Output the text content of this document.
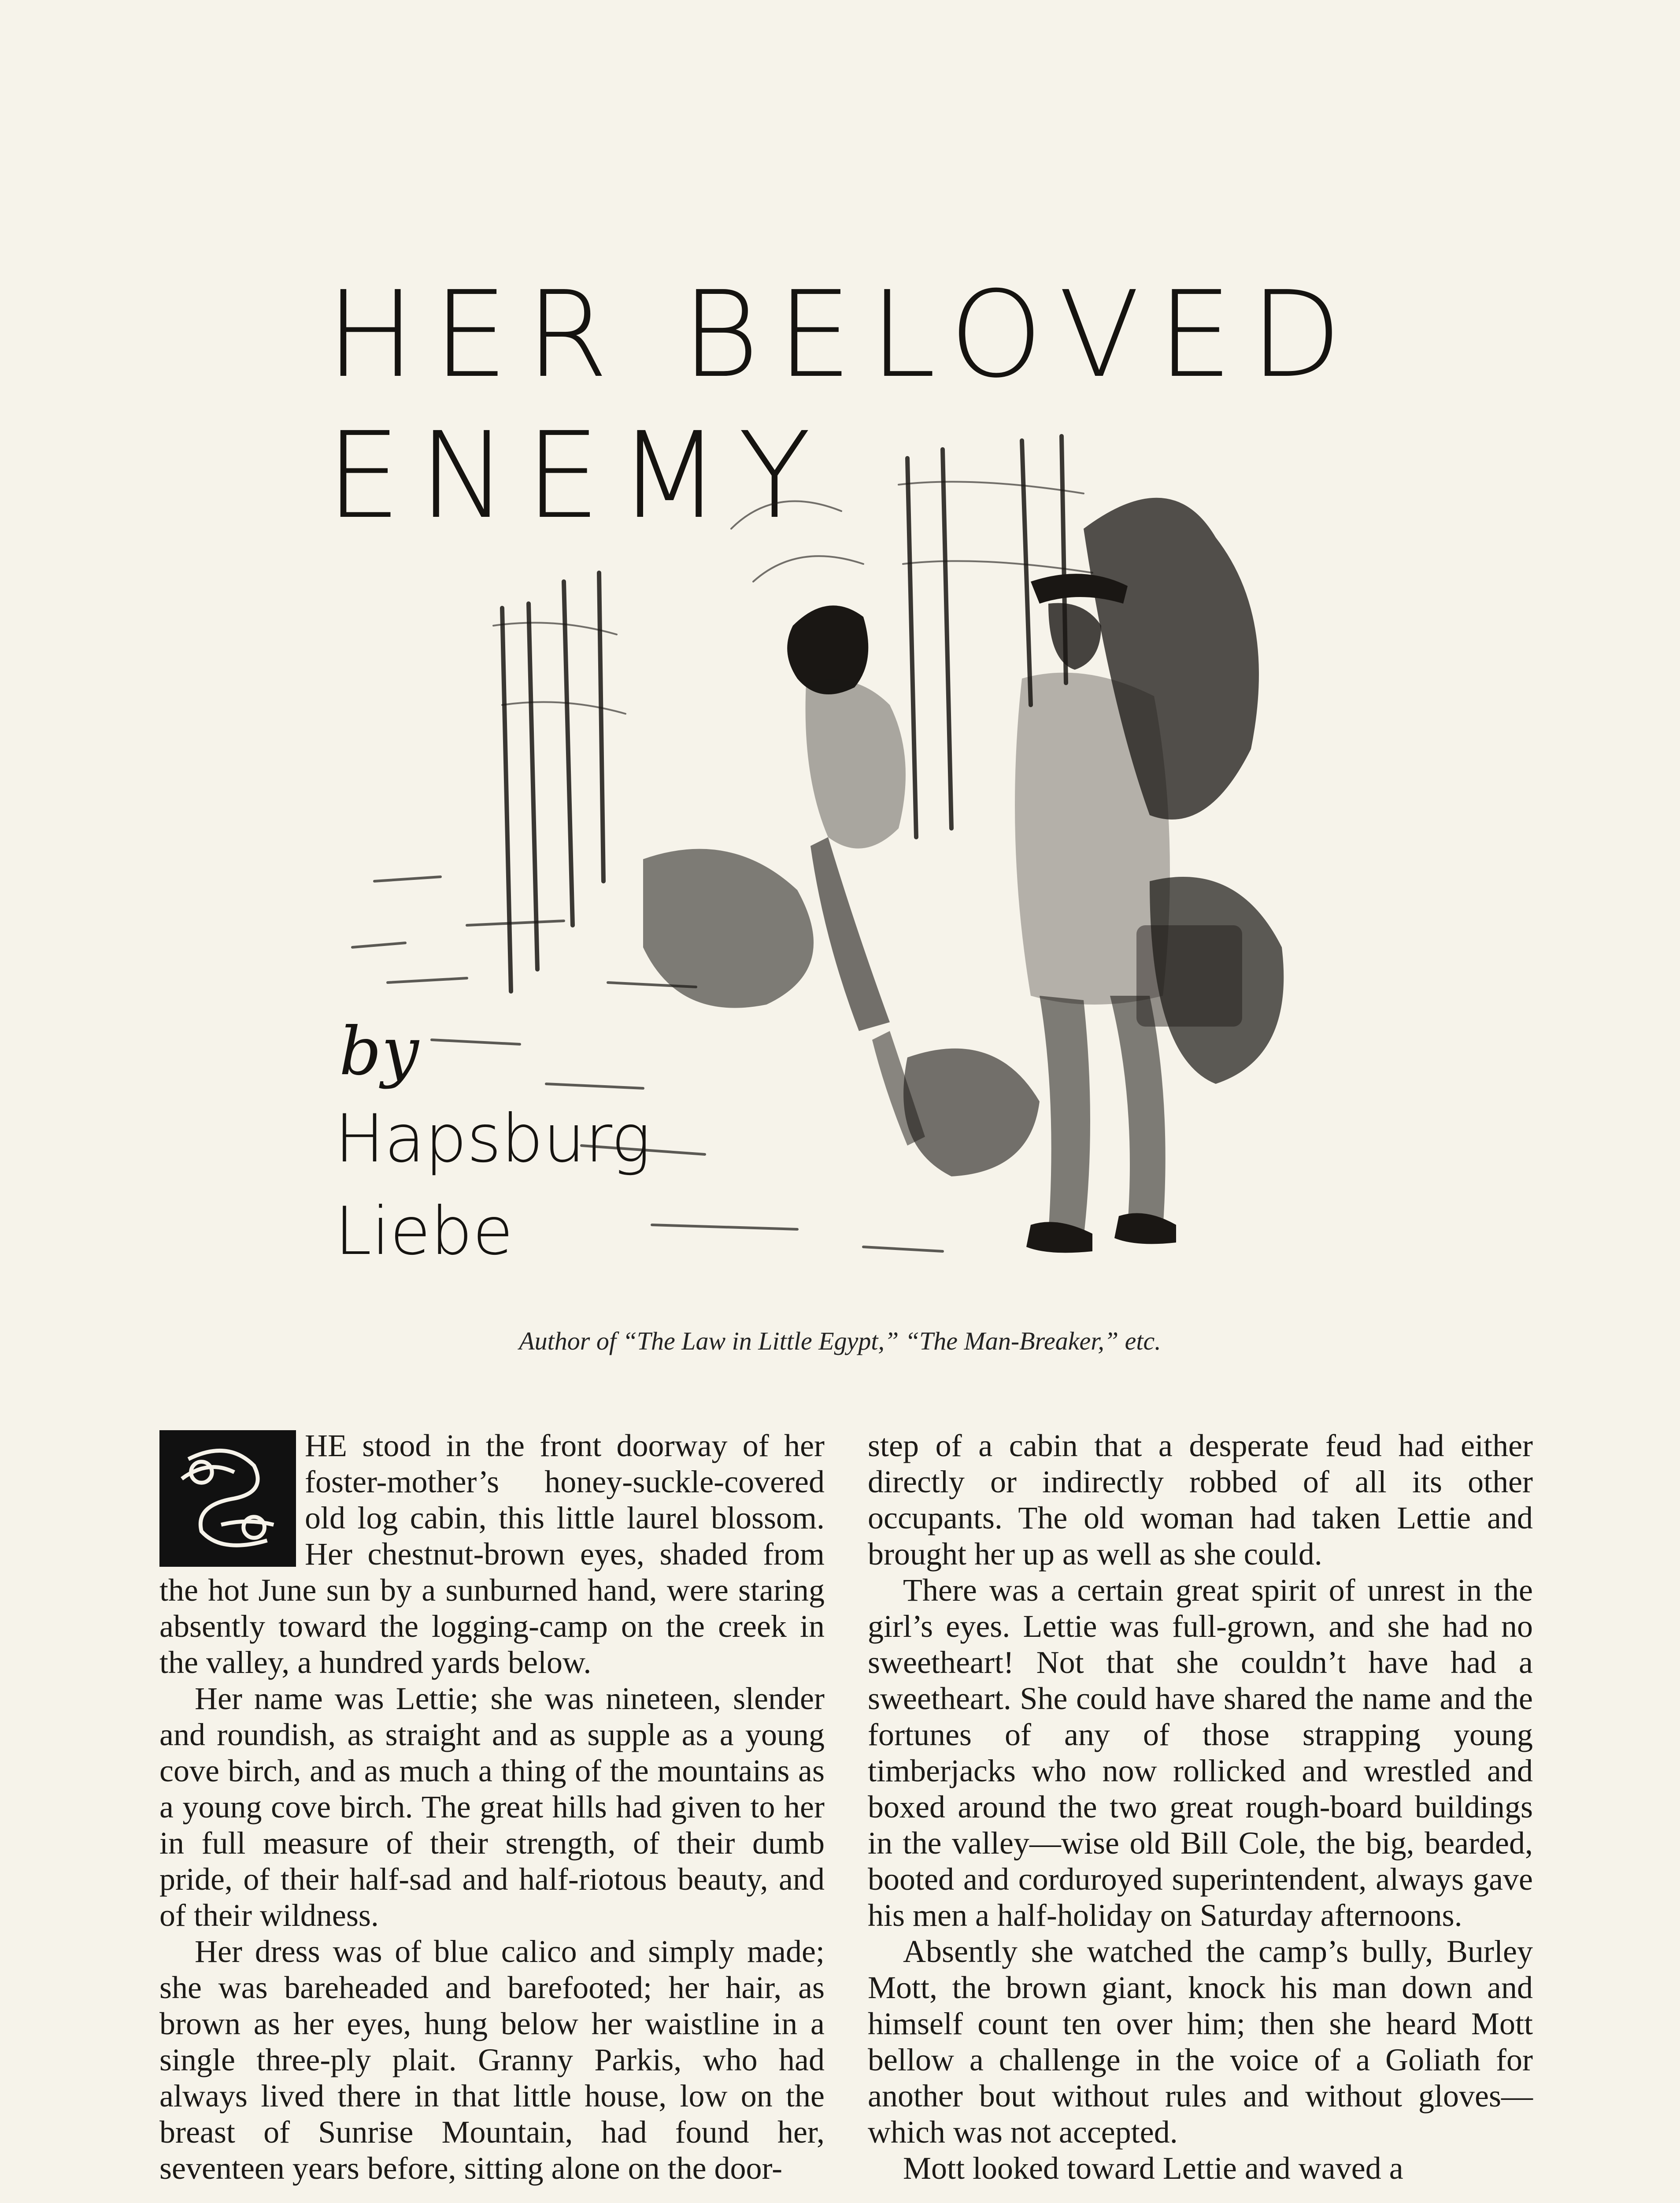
HER BELOVED
ENEMY
by
Hapsburg
Liebe
Author of “The Law in Little Egypt,” “The Man-Breaker,” etc.

HE stood in the front doorway of her foster-mother’s honey-suckle-covered old log cabin, this little laurel blossom. Her chestnut-brown eyes, shaded from the hot June sun by a sunburned hand, were staring absently toward the logging-camp on the creek in the valley, a hundred yards below.

Her name was Lettie; she was nineteen, slender and roundish, as straight and as supple as a young cove birch, and as much a thing of the mountains as a young cove birch. The great hills had given to her in full measure of their strength, of their dumb pride, of their half-sad and half-riotous beauty, and of their wildness.

Her dress was of blue calico and simply made; she was bareheaded and barefooted; her hair, as brown as her eyes, hung below her waistline in a single three-ply plait. Granny Parkis, who had always lived there in that little house, low on the breast of Sunrise Mountain, had found her, seventeen years before, sitting alone on the door-

step of a cabin that a desperate feud had either directly or indirectly robbed of all its other occupants. The old woman had taken Lettie and brought her up as well as she could.

There was a certain great spirit of unrest in the girl’s eyes. Lettie was full-grown, and she had no sweetheart! Not that she couldn’t have had a sweetheart. She could have shared the name and the fortunes of any of those strapping young timberjacks who now rollicked and wrestled and boxed around the two great rough-board buildings in the valley—wise old Bill Cole, the big, bearded, booted and corduroyed superintendent, always gave his men a half-holiday on Saturday afternoons.

Absently she watched the camp’s bully, Burley Mott, the brown giant, knock his man down and himself count ten over him; then she heard Mott bellow a challenge in the voice of a Goliath for another bout without rules and without gloves—which was not accepted.

Mott looked toward Lettie and waved a
